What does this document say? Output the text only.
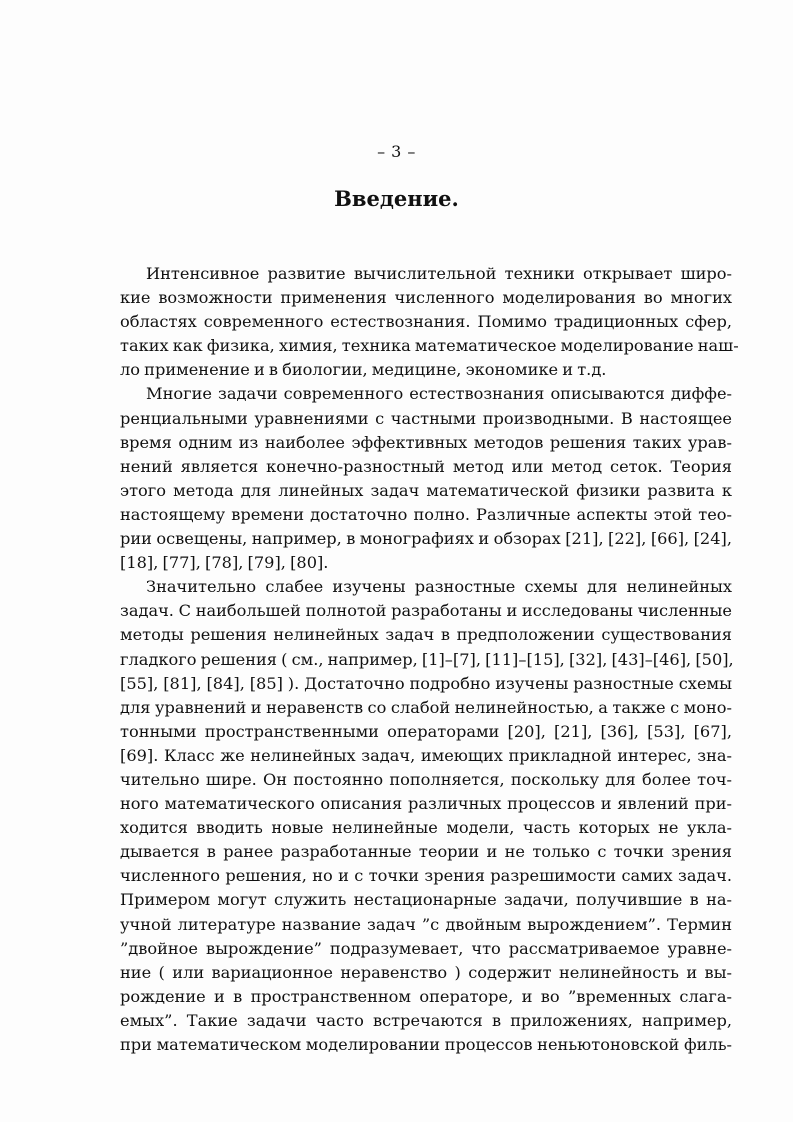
– 3 –
Введение.
Интенсивное развитие вычислительной техники открывает широ-
кие возможности применения численного моделирования во многих
областях современного естествознания. Помимо традиционных сфер,
таких как физика, химия, техника математическое моделирование наш-
ло применение и в биологии, медицине, экономике и т.д.
Многие задачи современного естествознания описываются диффе-
ренциальными уравнениями с частными производными. В настоящее
время одним из наиболее эффективных методов решения таких урав-
нений является конечно-разностный метод или метод сеток. Теория
этого метода для линейных задач математической физики развита к
настоящему времени достаточно полно. Различные аспекты этой тео-
рии освещены, например, в монографиях и обзорах [21], [22], [66], [24],
[18], [77], [78], [79], [80].
Значительно слабее изучены разностные схемы для нелинейных
задач. С наибольшей полнотой разработаны и исследованы численные
методы решения нелинейных задач в предположении существования
гладкого решения ( см., например, [1]–[7], [11]–[15], [32], [43]–[46], [50],
[55], [81], [84], [85] ). Достаточно подробно изучены разностные схемы
для уравнений и неравенств со слабой нелинейностью, а также с моно-
тонными пространственными операторами [20], [21], [36], [53], [67],
[69]. Класс же нелинейных задач, имеющих прикладной интерес, зна-
чительно шире. Он постоянно пополняется, поскольку для более точ-
ного математического описания различных процессов и явлений при-
ходится вводить новые нелинейные модели, часть которых не укла-
дывается в ранее разработанные теории и не только с точки зрения
численного решения, но и с точки зрения разрешимости самих задач.
Примером могут служить нестационарные задачи, получившие в на-
учной литературе название задач ”с двойным вырождением”. Термин
”двойное вырождение” подразумевает, что рассматриваемое уравне-
ние ( или вариационное неравенство ) содержит нелинейность и вы-
рождение и в пространственном операторе, и во ”временных слага-
емых”. Такие задачи часто встречаются в приложениях, например,
при математическом моделировании процессов неньютоновской филь-
